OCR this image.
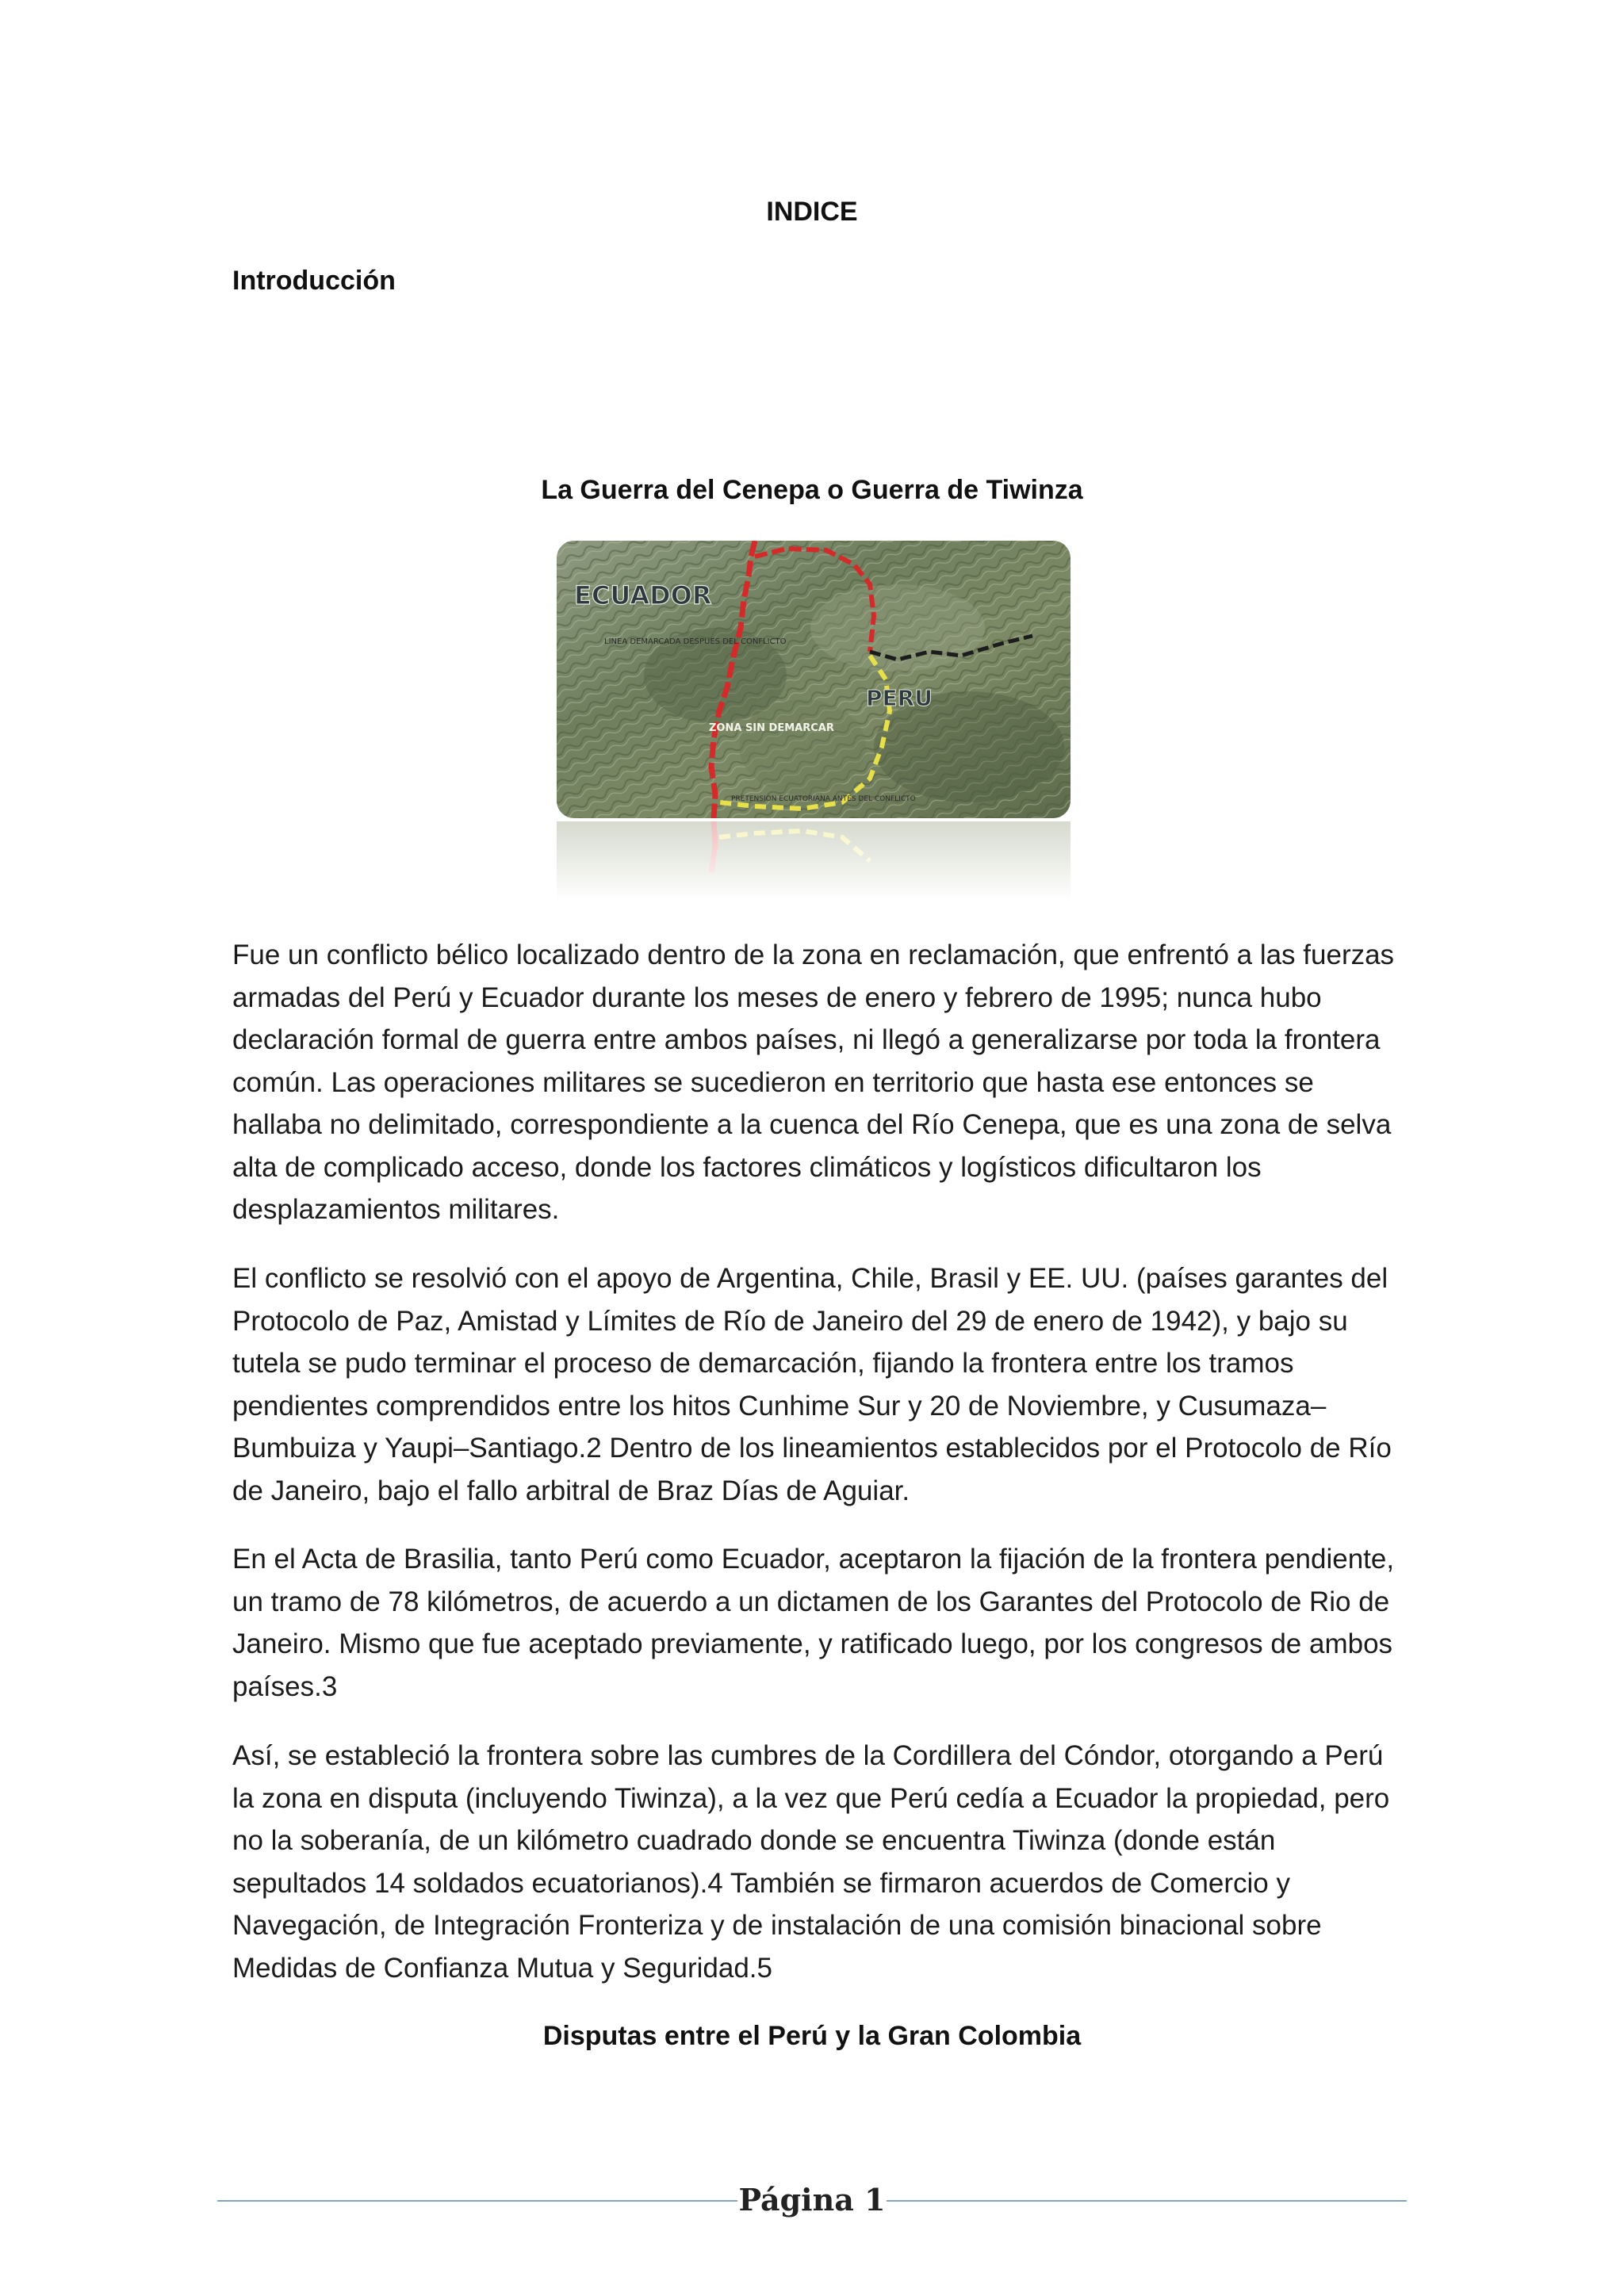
INDICE
Introducción
La Guerra del Cenepa o Guerra de Tiwinza
ECUADOR
PERU
ZONA SIN DEMARCAR
LINEA DEMARCADA DESPUES DEL CONFLICTO
PRETENSION ECUATORIANA ANTES DEL CONFLICTO

Fue un conflicto bélico localizado dentro de la zona en reclamación, que enfrentó a las fuerzas armadas del Perú y Ecuador durante los meses de enero y febrero de 1995; nunca hubo declaración formal de guerra entre ambos países, ni llegó a generalizarse por toda la frontera común. Las operaciones militares se sucedieron en territorio que hasta ese entonces se hallaba no delimitado, correspondiente a la cuenca del Río Cenepa, que es una zona de selva alta de complicado acceso, donde los factores climáticos y logísticos dificultaron los desplazamientos militares.

El conflicto se resolvió con el apoyo de Argentina, Chile, Brasil y EE. UU. (países garantes del Protocolo de Paz, Amistad y Límites de Río de Janeiro del 29 de enero de 1942), y bajo su tutela se pudo terminar el proceso de demarcación, fijando la frontera entre los tramos pendientes comprendidos entre los hitos Cunhime Sur y 20 de Noviembre, y Cusumaza–Bumbuiza y Yaupi–Santiago.2 Dentro de los lineamientos establecidos por el Protocolo de Río de Janeiro, bajo el fallo arbitral de Braz Días de Aguiar.

En el Acta de Brasilia, tanto Perú como Ecuador, aceptaron la fijación de la frontera pendiente, un tramo de 78 kilómetros, de acuerdo a un dictamen de los Garantes del Protocolo de Rio de Janeiro. Mismo que fue aceptado previamente, y ratificado luego, por los congresos de ambos países.3

Así, se estableció la frontera sobre las cumbres de la Cordillera del Cóndor, otorgando a Perú la zona en disputa (incluyendo Tiwinza), a la vez que Perú cedía a Ecuador la propiedad, pero no la soberanía, de un kilómetro cuadrado donde se encuentra Tiwinza (donde están sepultados 14 soldados ecuatorianos).4 También se firmaron acuerdos de Comercio y Navegación, de Integración Fronteriza y de instalación de una comisión binacional sobre Medidas de Confianza Mutua y Seguridad.5

Disputas entre el Perú y la Gran Colombia
Página 1
